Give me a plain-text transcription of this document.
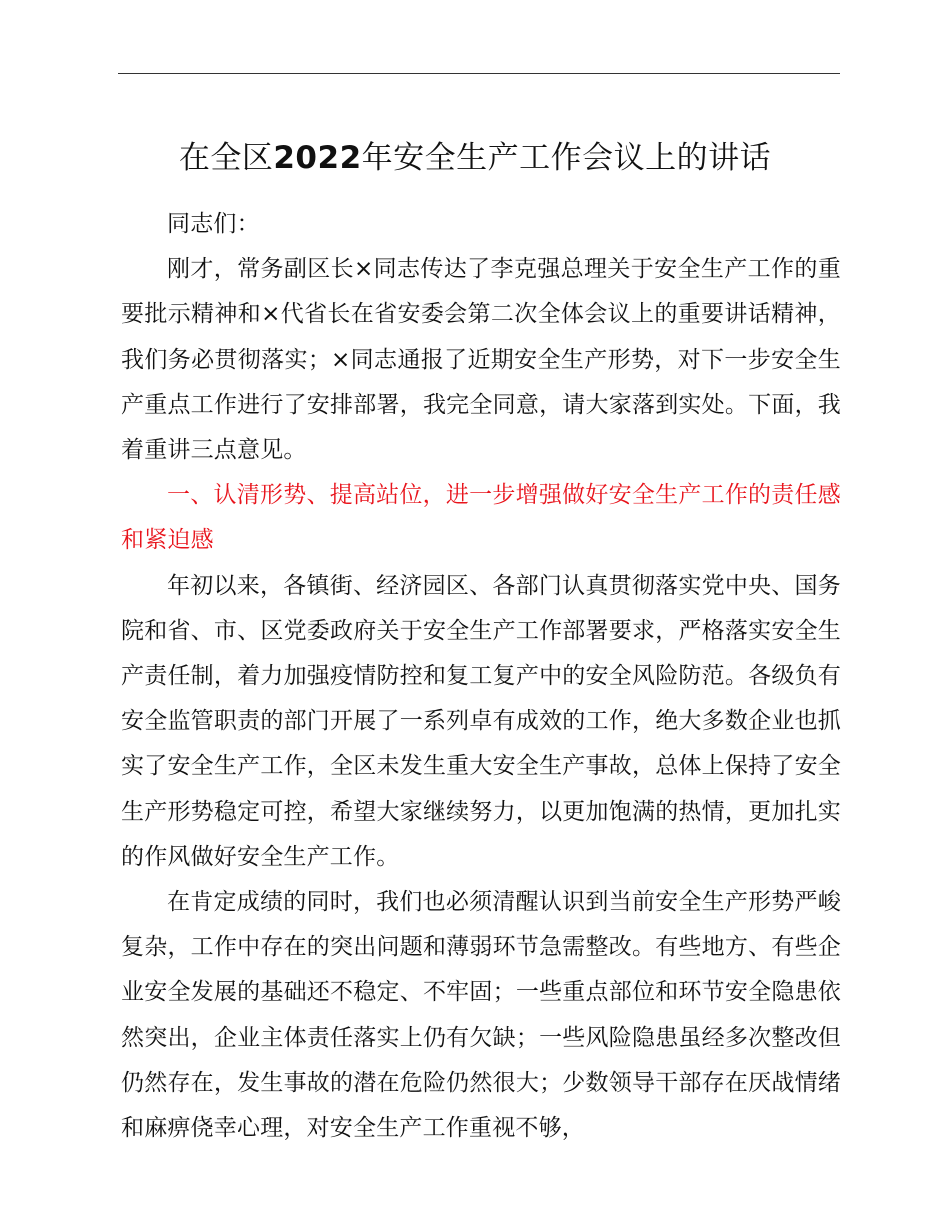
在全区2022年安全生产工作会议上的讲话

同志们：

刚才，常务副区长×同志传达了李克强总理关于安全生产工作的重要批示精神和×代省长在省安委会第二次全体会议上的重要讲话精神，我们务必贯彻落实；×同志通报了近期安全生产形势，对下一步安全生产重点工作进行了安排部署，我完全同意，请大家落到实处。下面，我着重讲三点意见。

一、认清形势、提高站位，进一步增强做好安全生产工作的责任感和紧迫感

年初以来，各镇街、经济园区、各部门认真贯彻落实党中央、国务院和省、市、区党委政府关于安全生产工作部署要求，严格落实安全生产责任制，着力加强疫情防控和复工复产中的安全风险防范。各级负有安全监管职责的部门开展了一系列卓有成效的工作，绝大多数企业也抓实了安全生产工作，全区未发生重大安全生产事故，总体上保持了安全生产形势稳定可控，希望大家继续努力，以更加饱满的热情，更加扎实的作风做好安全生产工作。

在肯定成绩的同时，我们也必须清醒认识到当前安全生产形势严峻复杂，工作中存在的突出问题和薄弱环节急需整改。有些地方、有些企业安全发展的基础还不稳定、不牢固；一些重点部位和环节安全隐患依然突出，企业主体责任落实上仍有欠缺；一些风险隐患虽经多次整改但仍然存在，发生事故的潜在危险仍然很大；少数领导干部存在厌战情绪和麻痹侥幸心理，对安全生产工作重视不够，
